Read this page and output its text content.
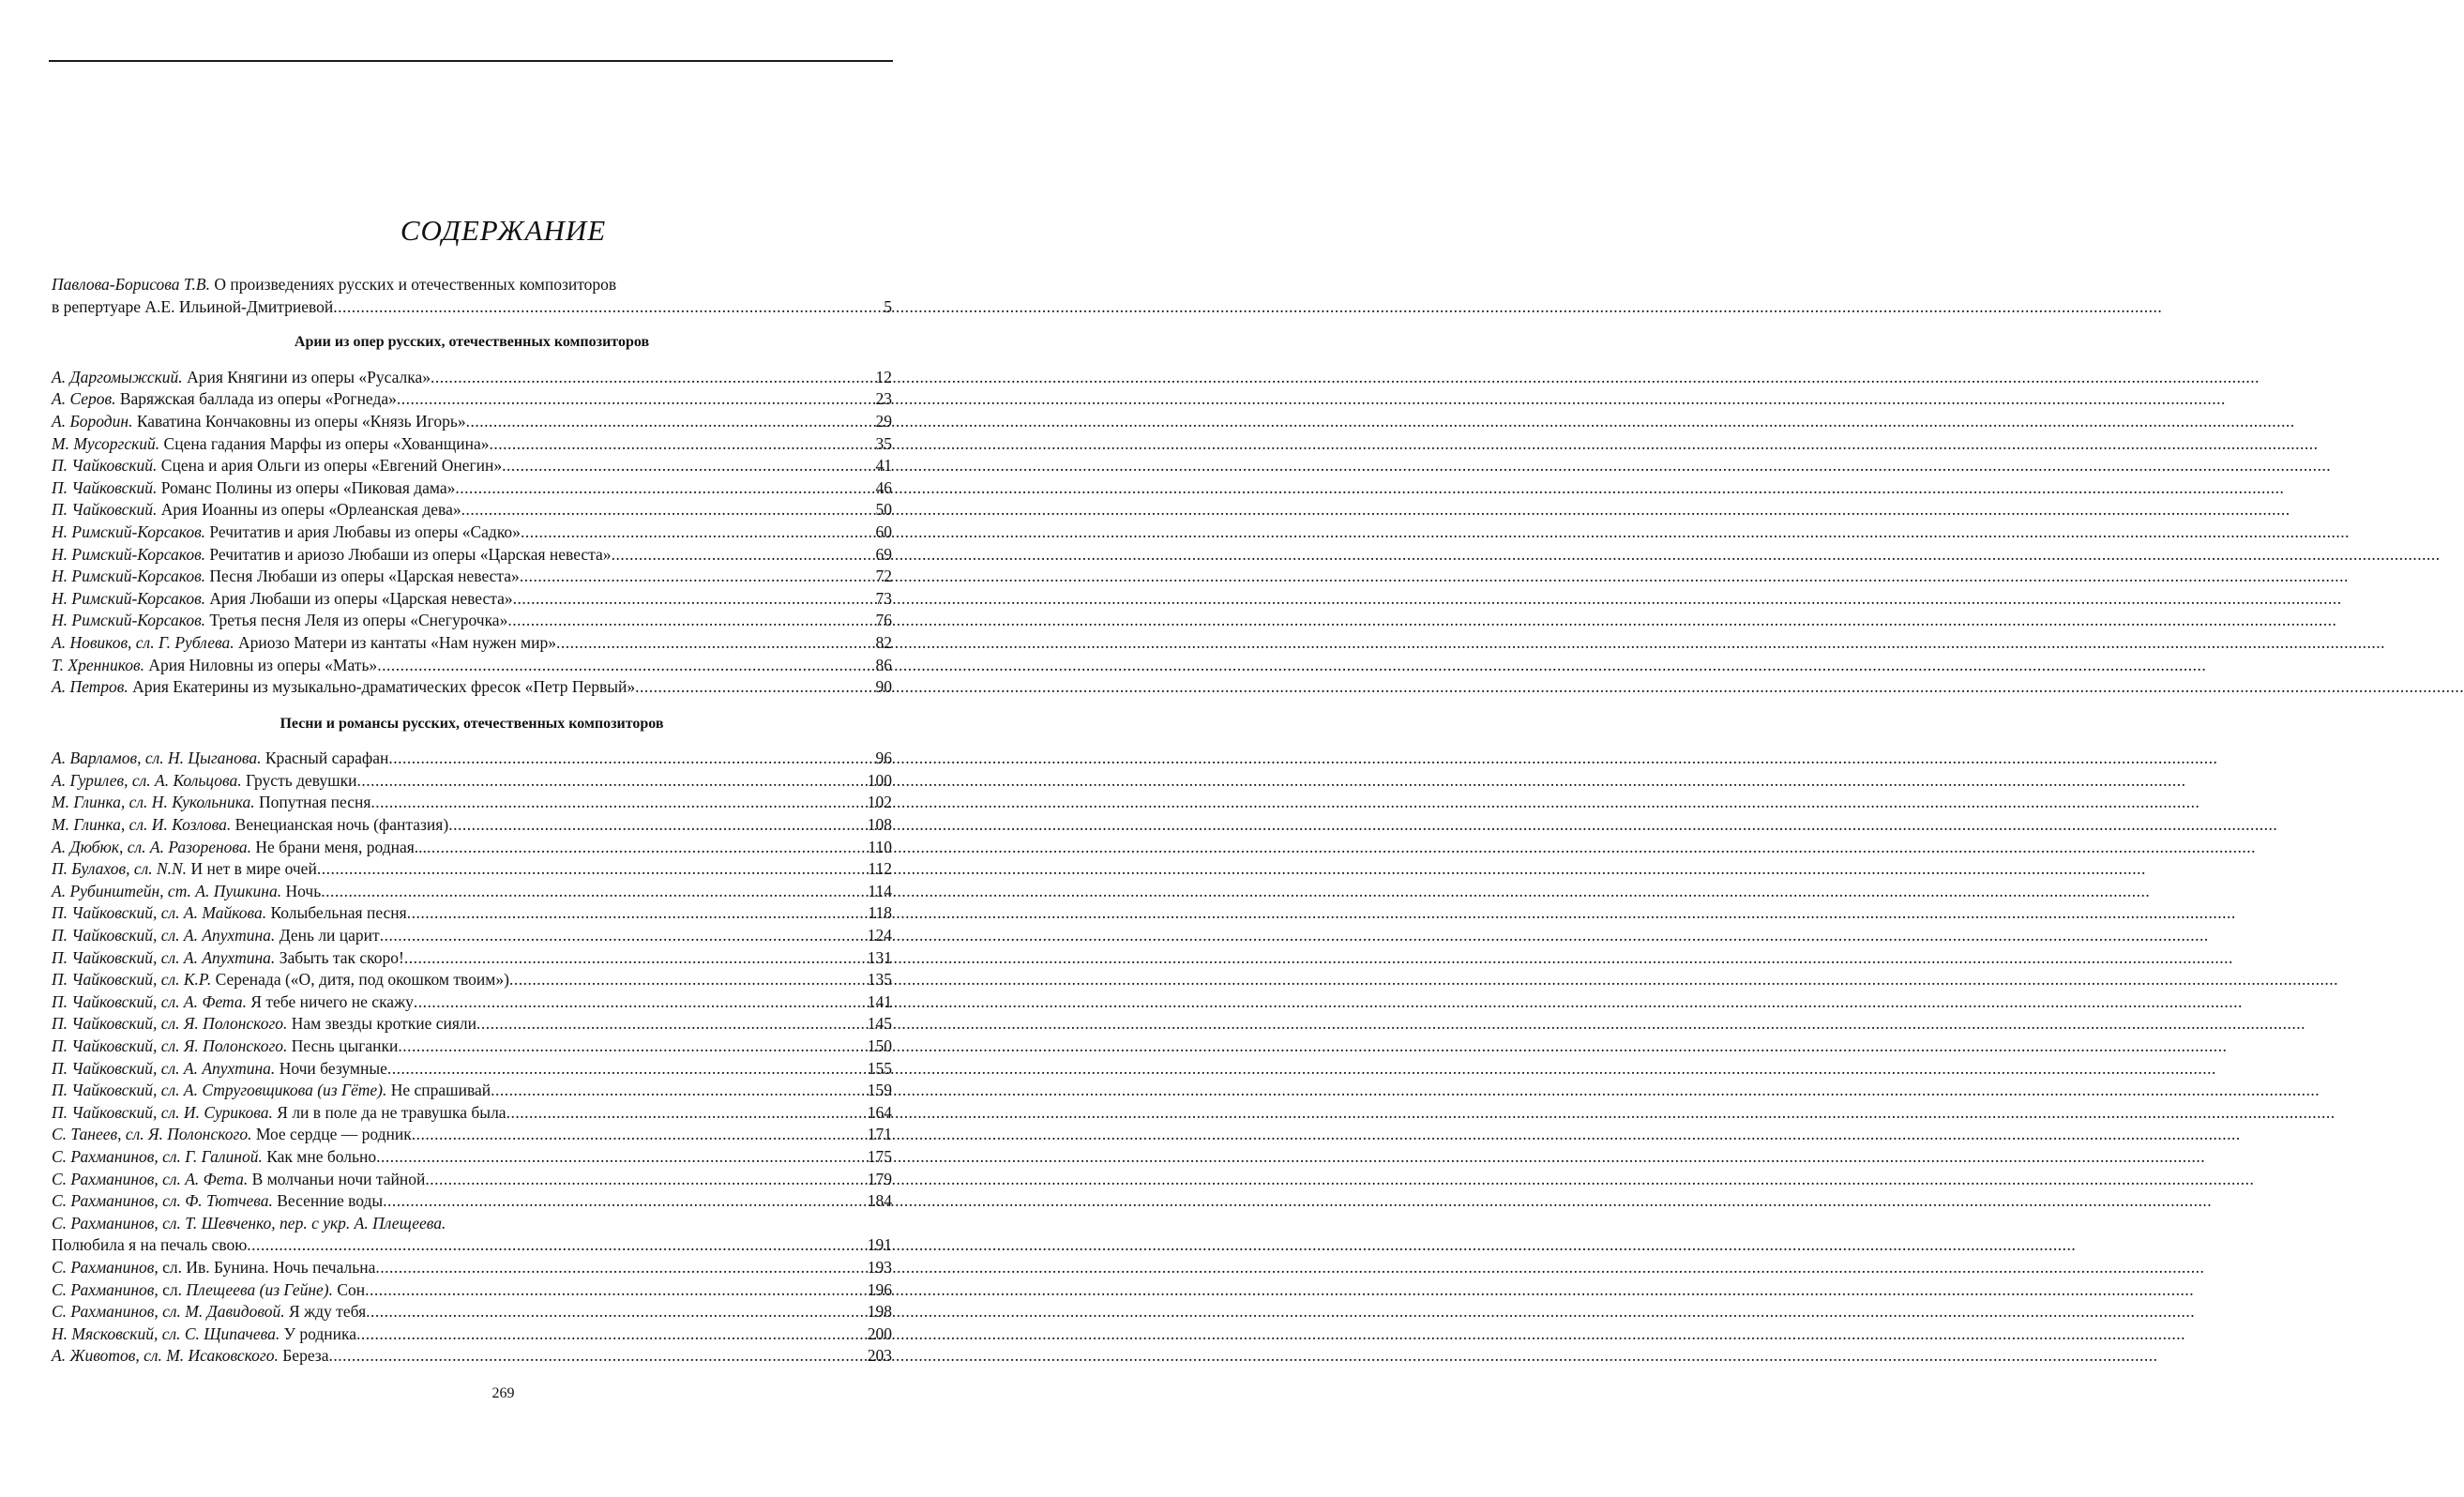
СОДЕРЖАНИЕ
Павлова-Борисова Т.В. О произведениях русских и отечественных композиторов
в репертуаре А.Е. Ильиной-Дмитриевой .....	5
Арии из опер русских, отечественных композиторов
А. Даргомыжский. Ария Княгини из оперы «Русалка» .....	12
А. Серов. Варяжская баллада из оперы «Рогнеда» .....	23
А. Бородин. Каватина Кончаковны из оперы «Князь Игорь» .....	29
М. Мусоргский. Сцена гадания Марфы из оперы «Хованщина» .....	35
П. Чайковский. Сцена и ария Ольги из оперы «Евгений Онегин» .....	41
П. Чайковский. Романс Полины из оперы «Пиковая дама» .....	46
П. Чайковский. Ария Иоанны из оперы «Орлеанская дева» .....	50
Н. Римский-Корсаков. Речитатив и ария Любавы из оперы «Садко» .....	60
Н. Римский-Корсаков. Речитатив и ариозо Любаши из оперы «Царская невеста» .....	69
Н. Римский-Корсаков. Песня Любаши из оперы «Царская невеста» .....	72
Н. Римский-Корсаков. Ария Любаши из оперы «Царская невеста» .....	73
Н. Римский-Корсаков. Третья песня Леля из оперы «Снегурочка» .....	76
А. Новиков, сл. Г. Рублева. Ариозо Матери из кантаты «Нам нужен мир» .....	82
Т. Хренников. Ария Ниловны из оперы «Мать» .....	86
А. Петров. Ария Екатерины из музыкально-драматических фресок «Петр Первый» .....	90
Песни и романсы русских, отечественных композиторов
А. Варламов, сл. Н. Цыганова. Красный сарафан .....	96
А. Гурилев, сл. А. Кольцова. Грусть девушки .....	100
М. Глинка, сл. Н. Кукольника. Попутная песня .....	102
М. Глинка, сл. И. Козлова. Венецианская ночь (фантазия) .....	108
А. Дюбюк, сл. А. Разоренова. Не брани меня, родная... .....	110
П. Булахов, сл. N.N. И нет в мире очей .....	112
А. Рубинштейн, ст. А. Пушкина. Ночь .....	114
П. Чайковский, сл. А. Майкова. Колыбельная песня .....	118
П. Чайковский, сл. А. Апухтина. День ли царит .....	124
П. Чайковский, сл. А. Апухтина. Забыть так скоро! .....	131
П. Чайковский, сл. К.Р. Серенада («О, дитя, под окошком твоим») .....	135
П. Чайковский, сл. А. Фета. Я тебе ничего не скажу .....	141
П. Чайковский, сл. Я. Полонского. Нам звезды кроткие сияли .....	145
П. Чайковский, сл. Я. Полонского. Песнь цыганки .....	150
П. Чайковский, сл. А. Апухтина. Ночи безумные .....	155
П. Чайковский, сл. А. Струговщикова (из Гёте). Не спрашивай .....	159
П. Чайковский, сл. И. Сурикова. Я ли в поле да не травушка была .....	164
С. Танеев, сл. Я. Полонского. Мое сердце — родник .....	171
С. Рахманинов, сл. Г. Галиной. Как мне больно .....	175
С. Рахманинов, сл. А. Фета. В молчаньи ночи тайной .....	179
С. Рахманинов, сл. Ф. Тютчева. Весенние воды .....	184
С. Рахманинов, сл. Т. Шевченко, пер. с укр. А. Плещеева.
Полюбила я на печаль свою .....	191
С. Рахманинов, сл. Ив. Бунина. Ночь печальна .....	193
С. Рахманинов, сл. Плещеева (из Гейне). Сон .....	196
С. Рахманинов, сл. М. Давидовой. Я жду тебя .....	198
Н. Мясковский, сл. С. Щипачева. У родника .....	200
А. Животов, сл. М. Исаковского. Береза .....	203
269
